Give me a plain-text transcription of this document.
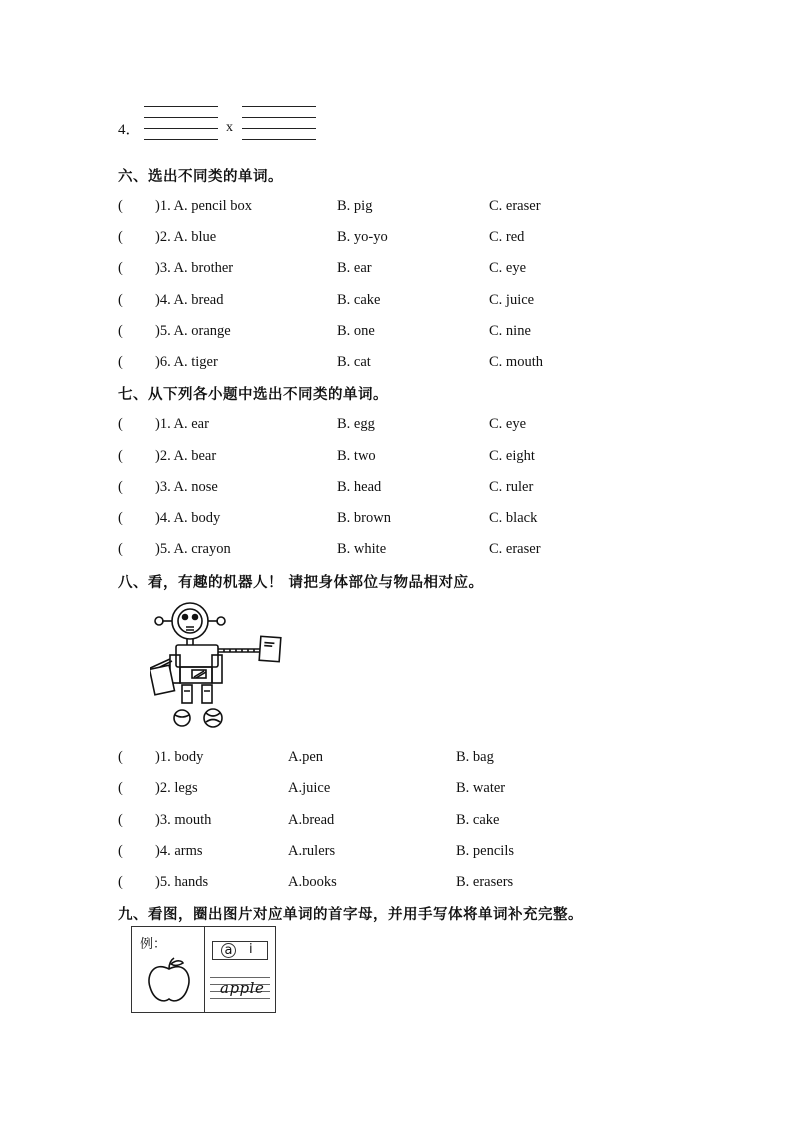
4．	x
六、选出不同类的单词。
( )1. A. pencil box	B. pig	C. eraser
( )2. A. blue	B. yo-yo	C. red
( )3. A. brother	B. ear	C. eye
( )4. A. bread	B. cake	C. juice
( )5. A. orange	B. one	C. nine
( )6. A. tiger	B. cat	C. mouth
七、从下列各小题中选出不同类的单词。
( )1. A. ear	B. egg	C. eye
( )2. A. bear	B. two	C. eight
( )3. A. nose	B. head	C. ruler
( )4. A. body	B. brown	C. black
( )5. A. crayon	B. white	C. eraser
八、看，有趣的机器人！ 请把身体部位与物品相对应。
( )1. body	A.pen	B. bag
( )2. legs	A.juice	B. water
( )3. mouth	A.bread	B. cake
( )4. arms	A.rulers	B. pencils
( )5. hands	A.books	B. erasers
九、看图，圈出图片对应单词的首字母，并用手写体将单词补充完整。
例：	a i
apple
